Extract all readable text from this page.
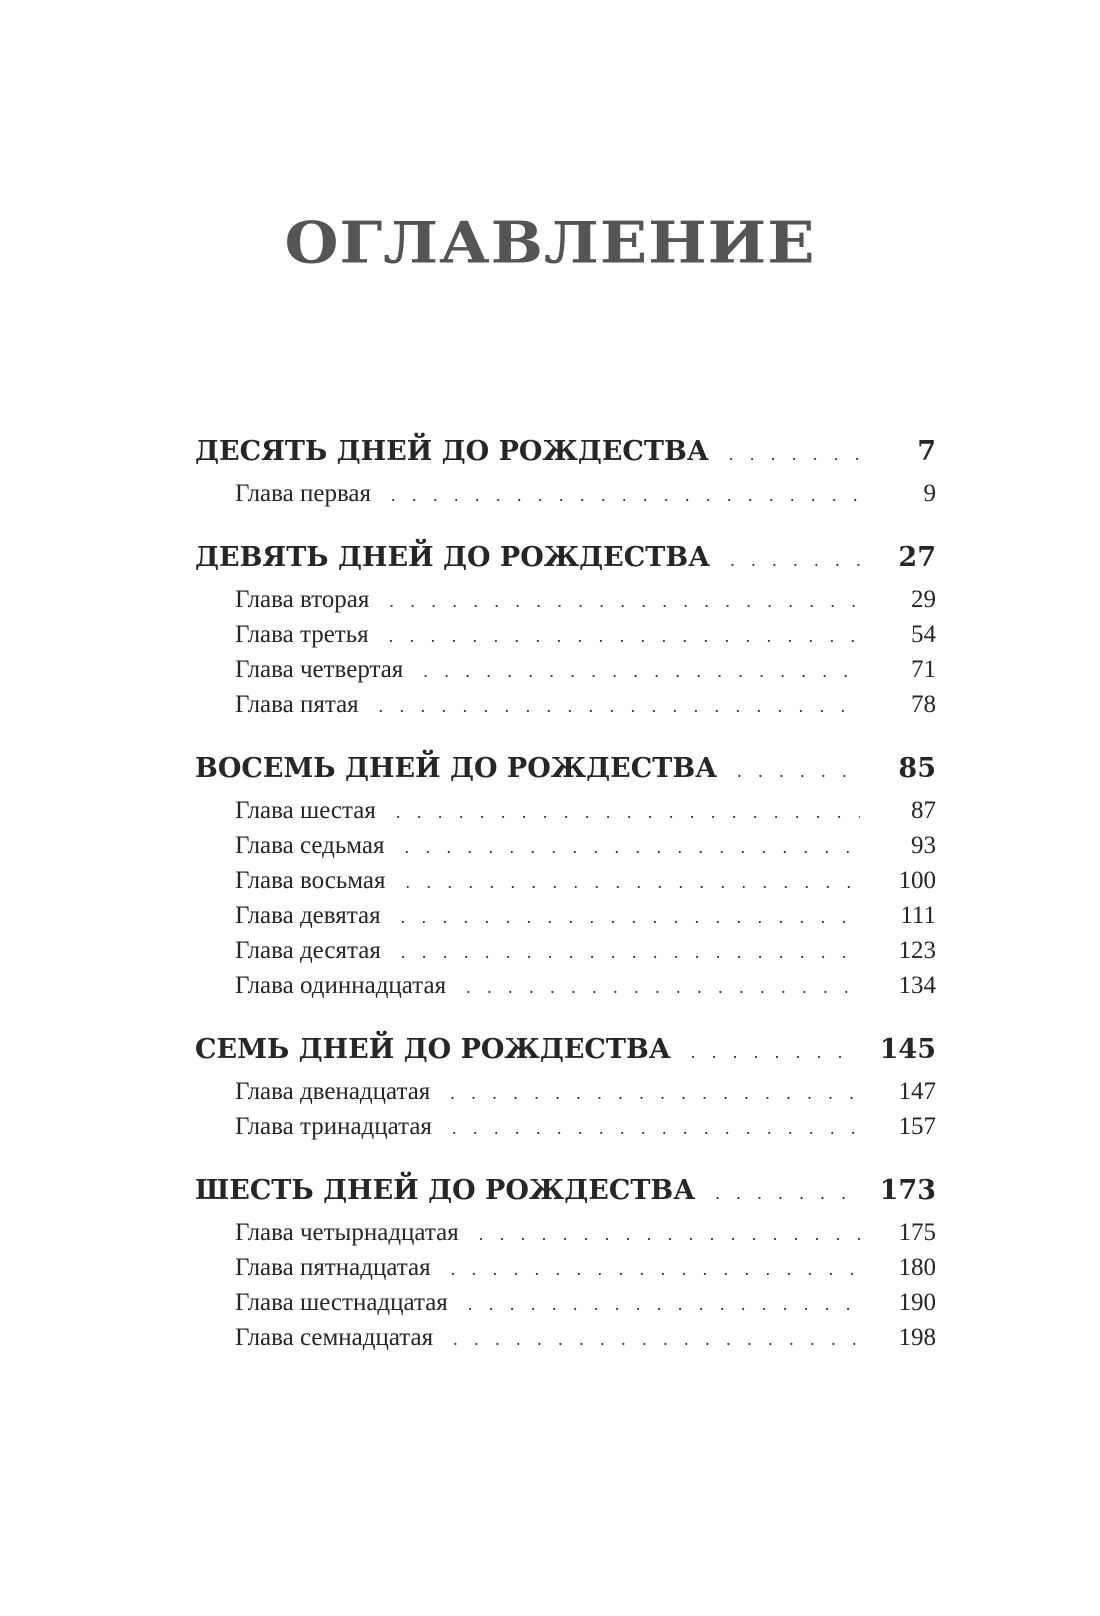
ОГЛАВЛЕНИЕ
ДЕСЯТЬ ДНЕЙ ДО РОЖДЕСТВА . . .	7
Глава первая . . .	9
ДЕВЯТЬ ДНЕЙ ДО РОЖДЕСТВА . . .	27
Глава вторая . . .	29
Глава третья . . .	54
Глава четвертая . . .	71
Глава пятая . . .	78
ВОСЕМЬ ДНЕЙ ДО РОЖДЕСТВА . . .	85
Глава шестая . . .	87
Глава седьмая . . .	93
Глава восьмая . . .	100
Глава девятая . . .	111
Глава десятая . . .	123
Глава одиннадцатая . . .	134
СЕМЬ ДНЕЙ ДО РОЖДЕСТВА . . .	145
Глава двенадцатая . . .	147
Глава тринадцатая . . .	157
ШЕСТЬ ДНЕЙ ДО РОЖДЕСТВА . . .	173
Глава четырнадцатая . . .	175
Глава пятнадцатая . . .	180
Глава шестнадцатая . . .	190
Глава семнадцатая . . .	198
